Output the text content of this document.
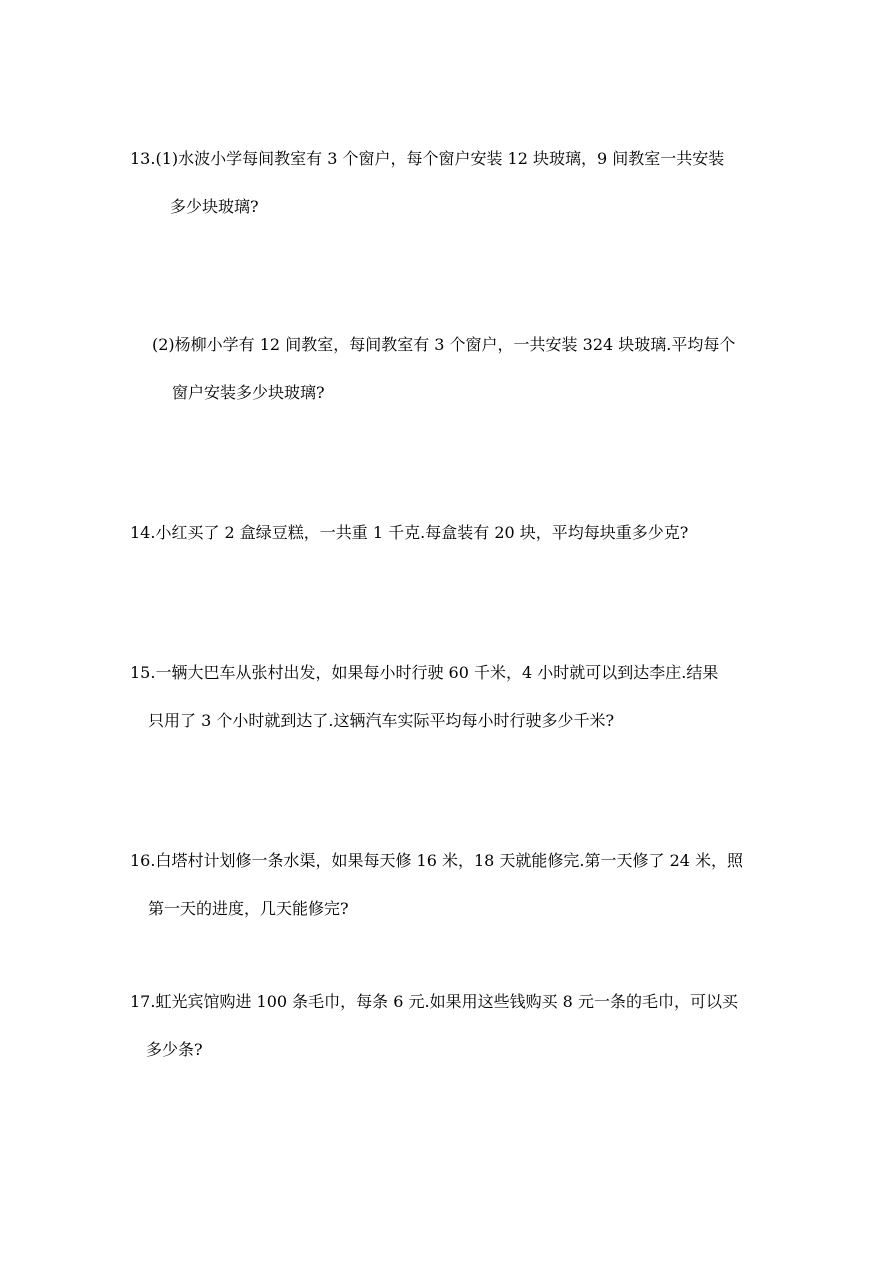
13.(1)水波小学每间教室有 3 个窗户，每个窗户安装 12 块玻璃，9 间教室一共安装
多少块玻璃?
(2)杨柳小学有 12 间教室，每间教室有 3 个窗户，一共安装 324 块玻璃.平均每个
窗户安装多少块玻璃?
14.小红买了 2 盒绿豆糕，一共重 1 千克.每盒装有 20 块，平均每块重多少克?
15.一辆大巴车从张村出发，如果每小时行驶 60 千米，4 小时就可以到达李庄.结果
只用了 3 个小时就到达了.这辆汽车实际平均每小时行驶多少千米?
16.白塔村计划修一条水渠，如果每天修 16 米，18 天就能修完.第一天修了 24 米，照
第一天的进度，几天能修完?
17.虹光宾馆购进 100 条毛巾，每条 6 元.如果用这些钱购买 8 元一条的毛巾，可以买
多少条?
